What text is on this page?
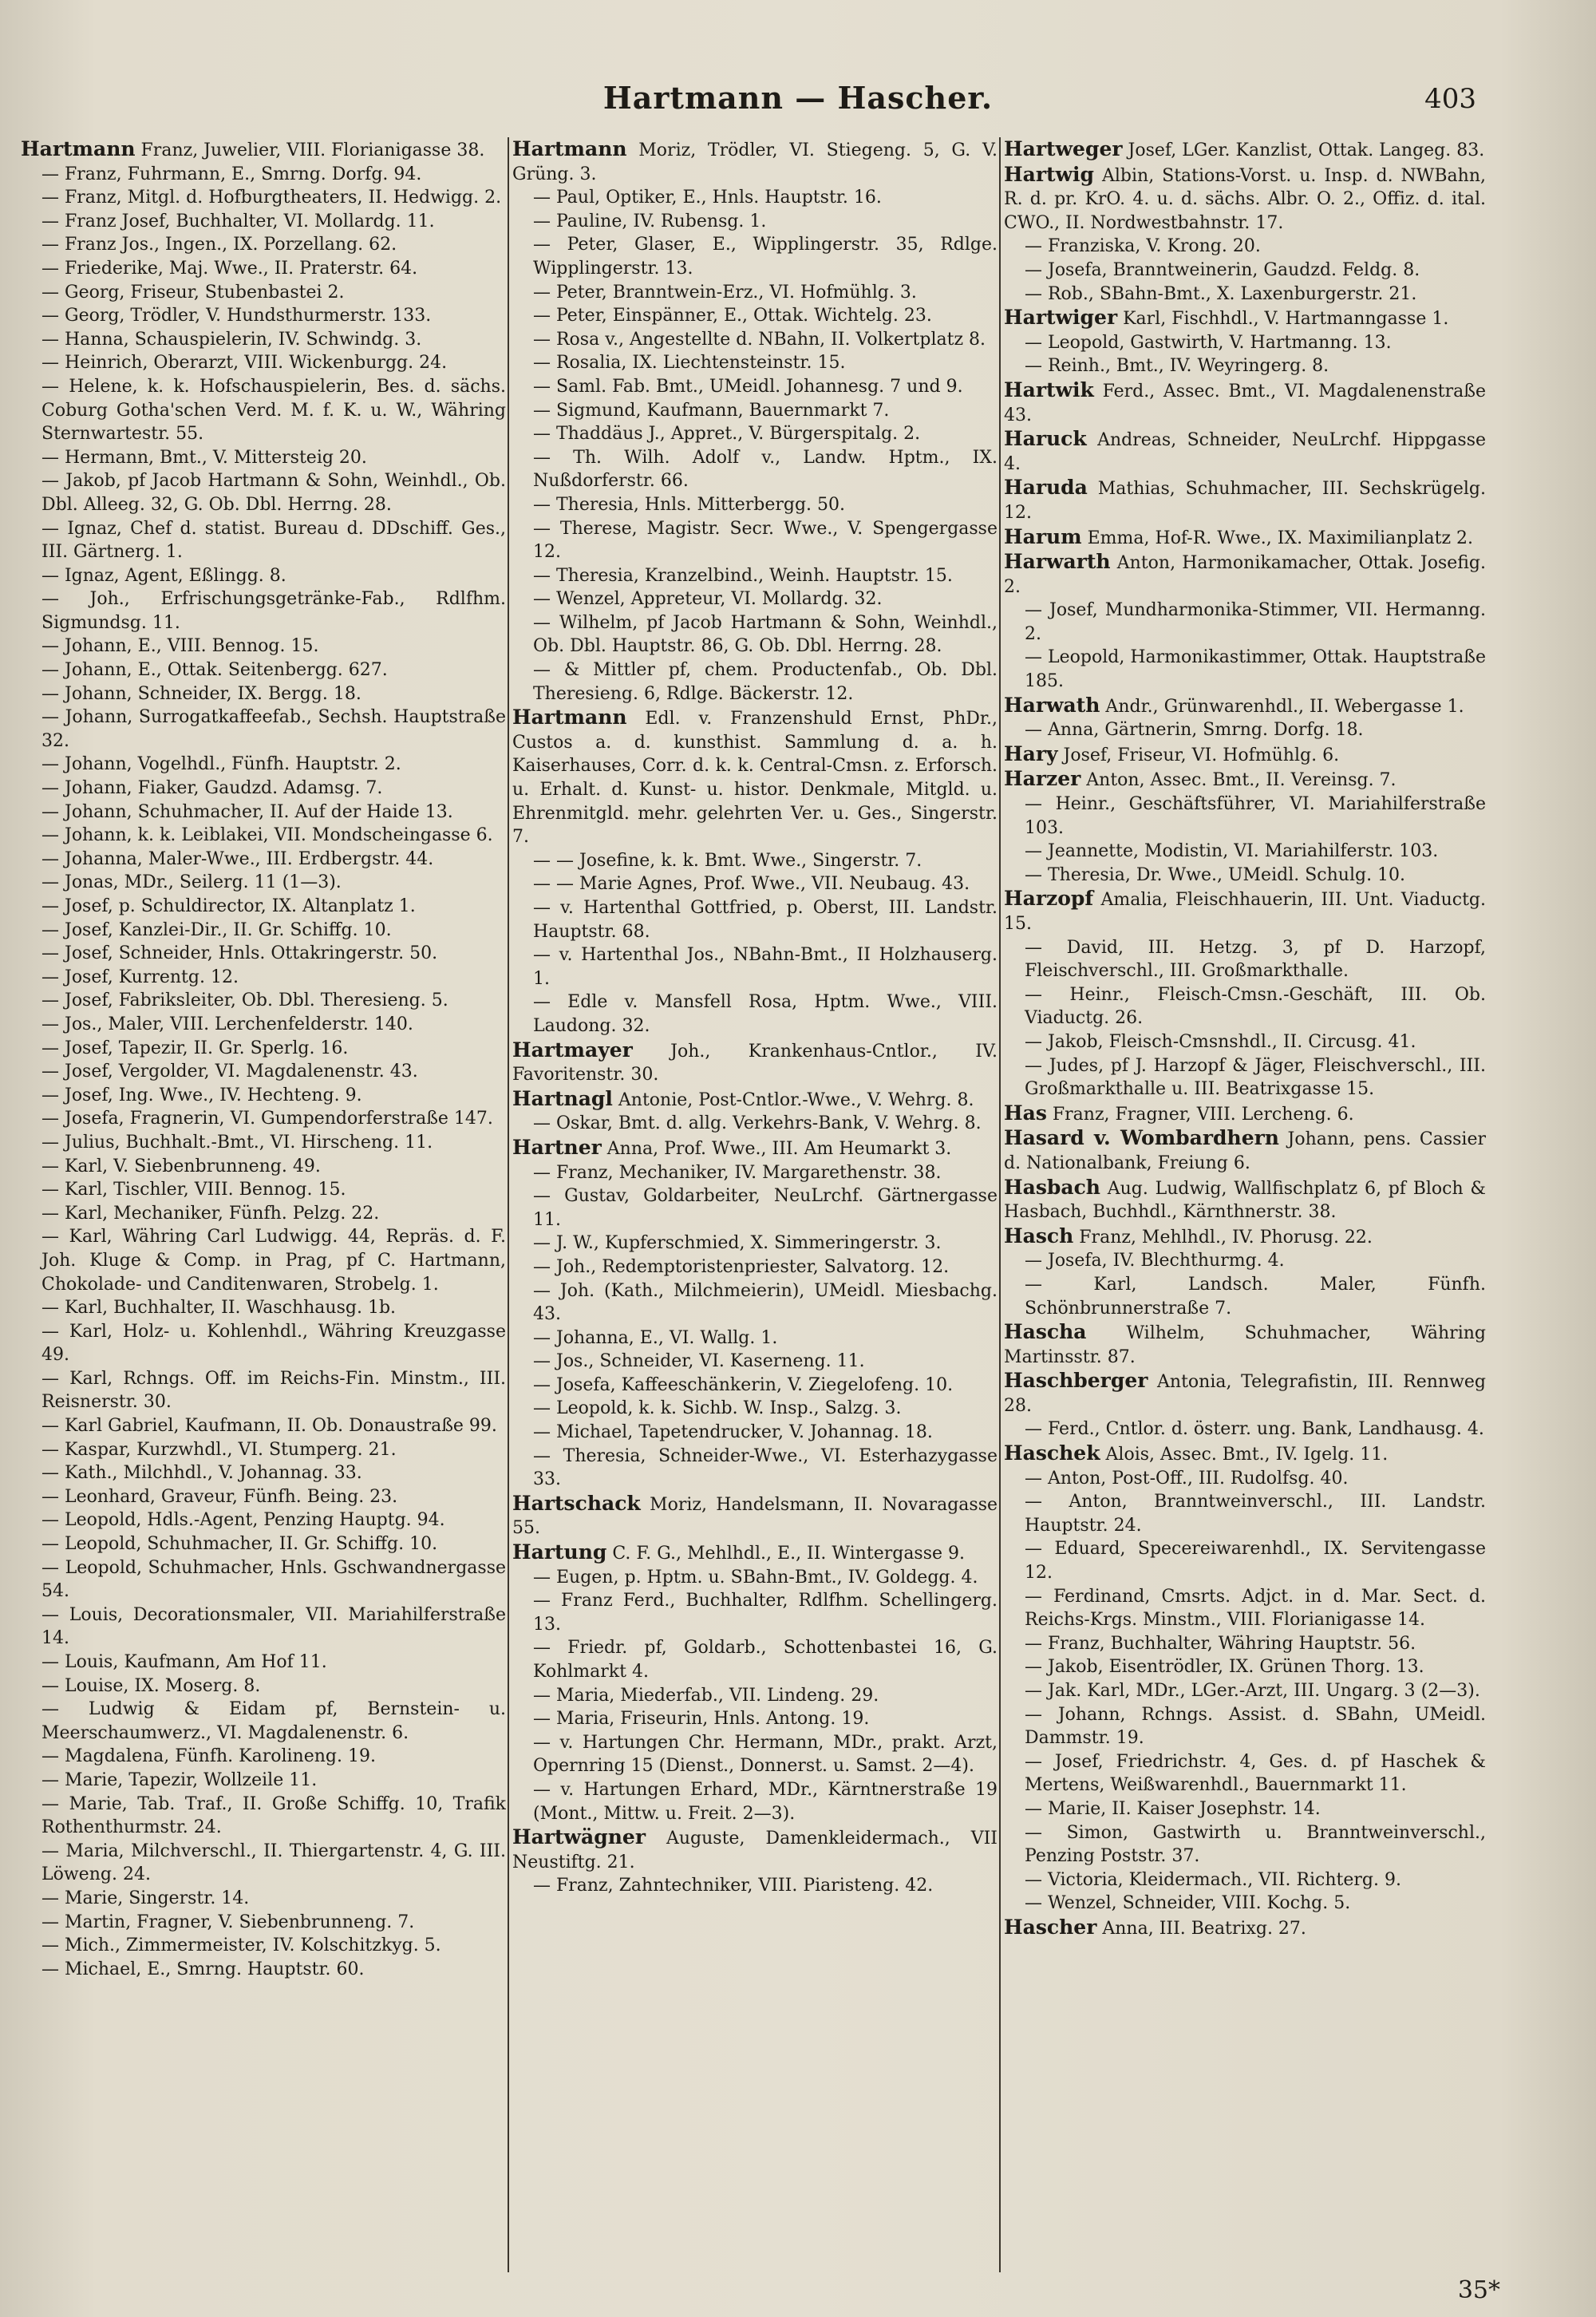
Hartmann — Hascher.	403

Hartmann Franz, Juwelier, VIII. Florianigasse 38.

— Franz, Fuhrmann, E., Smrng. Dorfg. 94.

— Franz, Mitgl. d. Hofburgtheaters, II. Hedwigg. 2.

— Franz Josef, Buchhalter, VI. Mollardg. 11.

— Franz Jos., Ingen., IX. Porzellang. 62.

— Friederike, Maj. Wwe., II. Praterstr. 64.

— Georg, Friseur, Stubenbastei 2.

— Georg, Trödler, V. Hundsthurmerstr. 133.

— Hanna, Schauspielerin, IV. Schwindg. 3.

— Heinrich, Oberarzt, VIII. Wickenburgg. 24.

— Helene, k. k. Hofschauspielerin, Bes. d. sächs. Coburg Gotha'schen Verd. M. f. K. u. W., Währing Sternwartestr. 55.

— Hermann, Bmt., V. Mittersteig 20.

— Jakob, pf Jacob Hartmann & Sohn, Weinhdl., Ob. Dbl. Alleeg. 32, G. Ob. Dbl. Herrng. 28.

— Ignaz, Chef d. statist. Bureau d. DDschiff. Ges., III. Gärtnerg. 1.

— Ignaz, Agent, Eßlingg. 8.

— Joh., Erfrischungsgetränke-Fab., Rdlfhm. Sigmundsg. 11.

— Johann, E., VIII. Bennog. 15.

— Johann, E., Ottak. Seitenbergg. 627.

— Johann, Schneider, IX. Bergg. 18.

— Johann, Surrogatkaffeefab., Sechsh. Hauptstraße 32.

— Johann, Vogelhdl., Fünfh. Hauptstr. 2.

— Johann, Fiaker, Gaudzd. Adamsg. 7.

— Johann, Schuhmacher, II. Auf der Haide 13.

— Johann, k. k. Leiblakei, VII. Mondscheingasse 6.

— Johanna, Maler-Wwe., III. Erdbergstr. 44.

— Jonas, MDr., Seilerg. 11 (1—3).

— Josef, p. Schuldirector, IX. Altanplatz 1.

— Josef, Kanzlei-Dir., II. Gr. Schiffg. 10.

— Josef, Schneider, Hnls. Ottakringerstr. 50.

— Josef, Kurrentg. 12.

— Josef, Fabriksleiter, Ob. Dbl. Theresieng. 5.

— Jos., Maler, VIII. Lerchenfelderstr. 140.

— Josef, Tapezir, II. Gr. Sperlg. 16.

— Josef, Vergolder, VI. Magdalenenstr. 43.

— Josef, Ing. Wwe., IV. Hechteng. 9.

— Josefa, Fragnerin, VI. Gumpendorferstraße 147.

— Julius, Buchhalt.-Bmt., VI. Hirscheng. 11.

— Karl, V. Siebenbrunneng. 49.

— Karl, Tischler, VIII. Bennog. 15.

— Karl, Mechaniker, Fünfh. Pelzg. 22.

— Karl, Währing Carl Ludwigg. 44, Repräs. d. F. Joh. Kluge & Comp. in Prag, pf C. Hartmann, Chokolade- und Canditenwaren, Strobelg. 1.

— Karl, Buchhalter, II. Waschhausg. 1b.

— Karl, Holz- u. Kohlenhdl., Währing Kreuzgasse 49.

— Karl, Rchngs. Off. im Reichs-Fin. Minstm., III. Reisnerstr. 30.

— Karl Gabriel, Kaufmann, II. Ob. Donaustraße 99.

— Kaspar, Kurzwhdl., VI. Stumperg. 21.

— Kath., Milchhdl., V. Johannag. 33.

— Leonhard, Graveur, Fünfh. Being. 23.

— Leopold, Hdls.-Agent, Penzing Hauptg. 94.

— Leopold, Schuhmacher, II. Gr. Schiffg. 10.

— Leopold, Schuhmacher, Hnls. Gschwandnergasse 54.

— Louis, Decorationsmaler, VII. Mariahilferstraße 14.

— Louis, Kaufmann, Am Hof 11.

— Louise, IX. Moserg. 8.

— Ludwig & Eidam pf, Bernstein- u. Meerschaumwerz., VI. Magdalenenstr. 6.

— Magdalena, Fünfh. Karolineng. 19.

— Marie, Tapezir, Wollzeile 11.

— Marie, Tab. Traf., II. Große Schiffg. 10, Trafik Rothenthurmstr. 24.

— Maria, Milchverschl., II. Thiergartenstr. 4, G. III. Löweng. 24.

— Marie, Singerstr. 14.

— Martin, Fragner, V. Siebenbrunneng. 7.

— Mich., Zimmermeister, IV. Kolschitzkyg. 5.

— Michael, E., Smrng. Hauptstr. 60.

Hartmann Moriz, Trödler, VI. Stiegeng. 5, G. V. Grüng. 3.

— Paul, Optiker, E., Hnls. Hauptstr. 16.

— Pauline, IV. Rubensg. 1.

— Peter, Glaser, E., Wipplingerstr. 35, Rdlge. Wipplingerstr. 13.

— Peter, Branntwein-Erz., VI. Hofmühlg. 3.

— Peter, Einspänner, E., Ottak. Wichtelg. 23.

— Rosa v., Angestellte d. NBahn, II. Volkertplatz 8.

— Rosalia, IX. Liechtensteinstr. 15.

— Saml. Fab. Bmt., UMeidl. Johannesg. 7 und 9.

— Sigmund, Kaufmann, Bauernmarkt 7.

— Thaddäus J., Appret., V. Bürgerspitalg. 2.

— Th. Wilh. Adolf v., Landw. Hptm., IX. Nußdorferstr. 66.

— Theresia, Hnls. Mitterbergg. 50.

— Therese, Magistr. Secr. Wwe., V. Spengergasse 12.

— Theresia, Kranzelbind., Weinh. Hauptstr. 15.

— Wenzel, Appreteur, VI. Mollardg. 32.

— Wilhelm, pf Jacob Hartmann & Sohn, Weinhdl., Ob. Dbl. Hauptstr. 86, G. Ob. Dbl. Herrng. 28.

— & Mittler pf, chem. Productenfab., Ob. Dbl. Theresieng. 6, Rdlge. Bäckerstr. 12.

Hartmann Edl. v. Franzenshuld Ernst, PhDr., Custos a. d. kunsthist. Sammlung d. a. h. Kaiserhauses, Corr. d. k. k. Central-Cmsn. z. Erforsch. u. Erhalt. d. Kunst- u. histor. Denkmale, Mitgld. u. Ehrenmitgld. mehr. gelehrten Ver. u. Ges., Singerstr. 7.

— — Josefine, k. k. Bmt. Wwe., Singerstr. 7.

— — Marie Agnes, Prof. Wwe., VII. Neubaug. 43.

— v. Hartenthal Gottfried, p. Oberst, III. Landstr. Hauptstr. 68.

— v. Hartenthal Jos., NBahn-Bmt., II Holzhauserg. 1.

— Edle v. Mansfell Rosa, Hptm. Wwe., VIII. Laudong. 32.

Hartmayer Joh., Krankenhaus-Cntlor., IV. Favoritenstr. 30.

Hartnagl Antonie, Post-Cntlor.-Wwe., V. Wehrg. 8.

— Oskar, Bmt. d. allg. Verkehrs-Bank, V. Wehrg. 8.

Hartner Anna, Prof. Wwe., III. Am Heumarkt 3.

— Franz, Mechaniker, IV. Margarethenstr. 38.

— Gustav, Goldarbeiter, NeuLrchf. Gärtnergasse 11.

— J. W., Kupferschmied, X. Simmeringerstr. 3.

— Joh., Redemptoristenpriester, Salvatorg. 12.

— Joh. (Kath., Milchmeierin), UMeidl. Miesbachg. 43.

— Johanna, E., VI. Wallg. 1.

— Jos., Schneider, VI. Kaserneng. 11.

— Josefa, Kaffeeschänkerin, V. Ziegelofeng. 10.

— Leopold, k. k. Sichb. W. Insp., Salzg. 3.

— Michael, Tapetendrucker, V. Johannag. 18.

— Theresia, Schneider-Wwe., VI. Esterhazygasse 33.

Hartschack Moriz, Handelsmann, II. Novaragasse 55.

Hartung C. F. G., Mehlhdl., E., II. Wintergasse 9.

— Eugen, p. Hptm. u. SBahn-Bmt., IV. Goldegg. 4.

— Franz Ferd., Buchhalter, Rdlfhm. Schellingerg. 13.

— Friedr. pf, Goldarb., Schottenbastei 16, G. Kohlmarkt 4.

— Maria, Miederfab., VII. Lindeng. 29.

— Maria, Friseurin, Hnls. Antong. 19.

— v. Hartungen Chr. Hermann, MDr., prakt. Arzt, Opernring 15 (Dienst., Donnerst. u. Samst. 2—4).

— v. Hartungen Erhard, MDr., Kärntnerstraße 19 (Mont., Mittw. u. Freit. 2—3).

Hartwägner Auguste, Damenkleidermach., VII Neustiftg. 21.

— Franz, Zahntechniker, VIII. Piaristeng. 42.

Hartweger Josef, LGer. Kanzlist, Ottak. Langeg. 83.

Hartwig Albin, Stations-Vorst. u. Insp. d. NWBahn, R. d. pr. KrO. 4. u. d. sächs. Albr. O. 2., Offiz. d. ital. CWO., II. Nordwestbahnstr. 17.

— Franziska, V. Krong. 20.

— Josefa, Branntweinerin, Gaudzd. Feldg. 8.

— Rob., SBahn-Bmt., X. Laxenburgerstr. 21.

Hartwiger Karl, Fischhdl., V. Hartmanngasse 1.

— Leopold, Gastwirth, V. Hartmanng. 13.

— Reinh., Bmt., IV. Weyringerg. 8.

Hartwik Ferd., Assec. Bmt., VI. Magdalenenstraße 43.

Haruck Andreas, Schneider, NeuLrchf. Hippgasse 4.

Haruda Mathias, Schuhmacher, III. Sechskrügelg. 12.

Harum Emma, Hof-R. Wwe., IX. Maximilianplatz 2.

Harwarth Anton, Harmonikamacher, Ottak. Josefig. 2.

— Josef, Mundharmonika-Stimmer, VII. Hermanng. 2.

— Leopold, Harmonikastimmer, Ottak. Hauptstraße 185.

Harwath Andr., Grünwarenhdl., II. Webergasse 1.

— Anna, Gärtnerin, Smrng. Dorfg. 18.

Hary Josef, Friseur, VI. Hofmühlg. 6.

Harzer Anton, Assec. Bmt., II. Vereinsg. 7.

— Heinr., Geschäftsführer, VI. Mariahilferstraße 103.

— Jeannette, Modistin, VI. Mariahilferstr. 103.

— Theresia, Dr. Wwe., UMeidl. Schulg. 10.

Harzopf Amalia, Fleischhauerin, III. Unt. Viaductg. 15.

— David, III. Hetzg. 3, pf D. Harzopf, Fleischverschl., III. Großmarkthalle.

— Heinr., Fleisch-Cmsn.-Geschäft, III. Ob. Viaductg. 26.

— Jakob, Fleisch-Cmsnshdl., II. Circusg. 41.

— Judes, pf J. Harzopf & Jäger, Fleischverschl., III. Großmarkthalle u. III. Beatrixgasse 15.

Has Franz, Fragner, VIII. Lercheng. 6.

Hasard v. Wombardhern Johann, pens. Cassier d. Nationalbank, Freiung 6.

Hasbach Aug. Ludwig, Wallfischplatz 6, pf Bloch & Hasbach, Buchhdl., Kärnthnerstr. 38.

Hasch Franz, Mehlhdl., IV. Phorusg. 22.

— Josefa, IV. Blechthurmg. 4.

— Karl, Landsch. Maler, Fünfh. Schönbrunnerstraße 7.

Hascha Wilhelm, Schuhmacher, Währing Martinsstr. 87.

Haschberger Antonia, Telegrafistin, III. Rennweg 28.

— Ferd., Cntlor. d. österr. ung. Bank, Landhausg. 4.

Haschek Alois, Assec. Bmt., IV. Igelg. 11.

— Anton, Post-Off., III. Rudolfsg. 40.

— Anton, Branntweinverschl., III. Landstr. Hauptstr. 24.

— Eduard, Specereiwarenhdl., IX. Servitengasse 12.

— Ferdinand, Cmsrts. Adjct. in d. Mar. Sect. d. Reichs-Krgs. Minstm., VIII. Florianigasse 14.

— Franz, Buchhalter, Währing Hauptstr. 56.

— Jakob, Eisentrödler, IX. Grünen Thorg. 13.

— Jak. Karl, MDr., LGer.-Arzt, III. Ungarg. 3 (2—3).

— Johann, Rchngs. Assist. d. SBahn, UMeidl. Dammstr. 19.

— Josef, Friedrichstr. 4, Ges. d. pf Haschek & Mertens, Weißwarenhdl., Bauernmarkt 11.

— Marie, II. Kaiser Josephstr. 14.

— Simon, Gastwirth u. Branntweinverschl., Penzing Poststr. 37.

— Victoria, Kleidermach., VII. Richterg. 9.

— Wenzel, Schneider, VIII. Kochg. 5.

Hascher Anna, III. Beatrixg. 27.

35*
